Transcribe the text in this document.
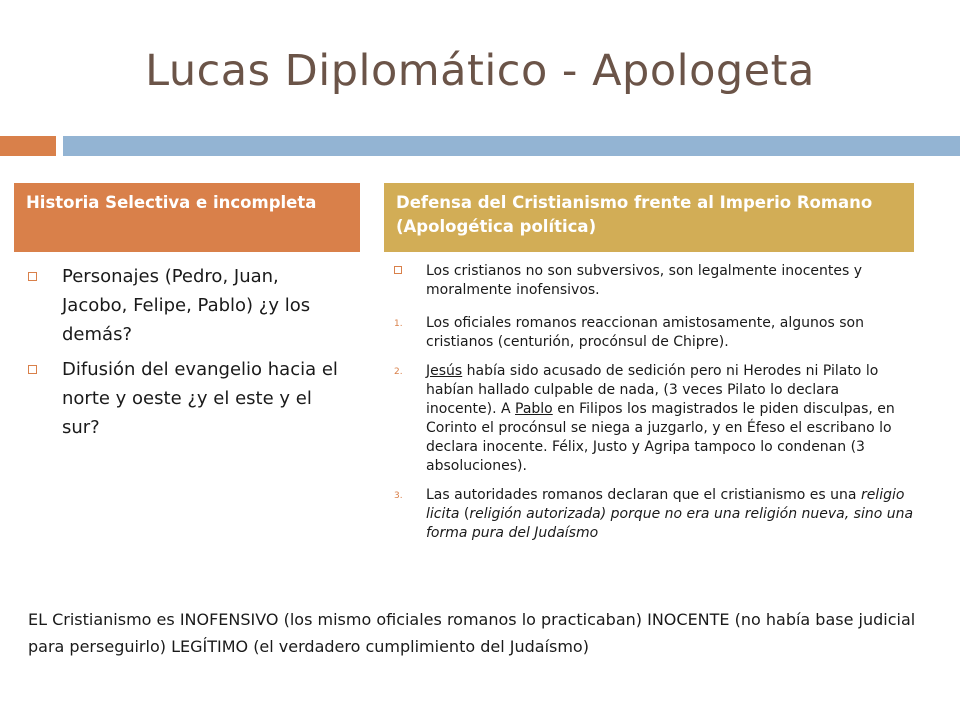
Lucas Diplomático - Apologeta
Historia Selectiva e incompleta	Defensa del Cristianismo frente al Imperio Romano (Apologética política)
Personajes (Pedro, Juan, Jacobo, Felipe, Pablo) ¿y los demás?
Difusión del evangelio hacia el norte y oeste ¿y el este y el sur?
Los cristianos no son subversivos, son legalmente inocentes y moralmente inofensivos.
1. Los oficiales romanos reaccionan amistosamente, algunos son cristianos (centurión, procónsul de Chipre).
2. Jesús había sido acusado de sedición pero ni Herodes ni Pilato lo habían hallado culpable de nada, (3 veces Pilato lo declara inocente). A Pablo en Filipos los magistrados le piden disculpas, en Corinto el procónsul se niega a juzgarlo, y en Éfeso el escribano lo declara inocente. Félix, Justo y Agripa tampoco lo condenan (3 absoluciones).
3. Las autoridades romanos declaran que el cristianismo es una religio licita (religión autorizada) porque no era una religión nueva, sino una forma pura del Judaísmo
EL Cristianismo es INOFENSIVO (los mismo oficiales romanos lo practicaban) INOCENTE (no había base judicial para perseguirlo) LEGÍTIMO (el verdadero cumplimiento del Judaísmo)
